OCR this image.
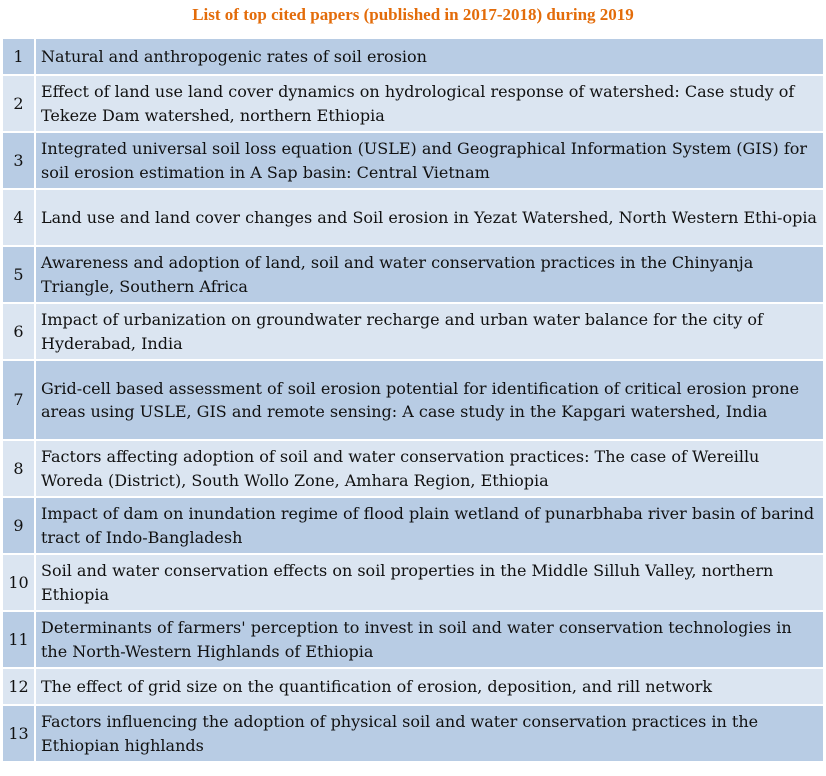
List of top cited papers (published in 2017-2018) during 2019
1	Natural and anthropogenic rates of soil erosion
2	Effect of land use land cover dynamics on hydrological response of watershed: Case study of Tekeze Dam watershed, northern Ethiopia
3	Integrated universal soil loss equation (USLE) and Geographical Information System (GIS) for soil erosion estimation in A Sap basin: Central Vietnam
4	Land use and land cover changes and Soil erosion in Yezat Watershed, North Western Ethi-opia
5	Awareness and adoption of land, soil and water conservation practices in the Chinyanja Triangle, Southern Africa
6	Impact of urbanization on groundwater recharge and urban water balance for the city of Hyderabad, India
7	Grid-cell based assessment of soil erosion potential for identification of critical erosion prone areas using USLE, GIS and remote sensing: A case study in the Kapgari watershed, India
8	Factors affecting adoption of soil and water conservation practices: The case of Wereillu Woreda (District), South Wollo Zone, Amhara Region, Ethiopia
9	Impact of dam on inundation regime of flood plain wetland of punarbhaba river basin of barind tract of Indo-Bangladesh
10	Soil and water conservation effects on soil properties in the Middle Silluh Valley, northern Ethiopia
11	Determinants of farmers' perception to invest in soil and water conservation technologies in the North-Western Highlands of Ethiopia
12	The effect of grid size on the quantification of erosion, deposition, and rill network
13	Factors influencing the adoption of physical soil and water conservation practices in the Ethiopian highlands
